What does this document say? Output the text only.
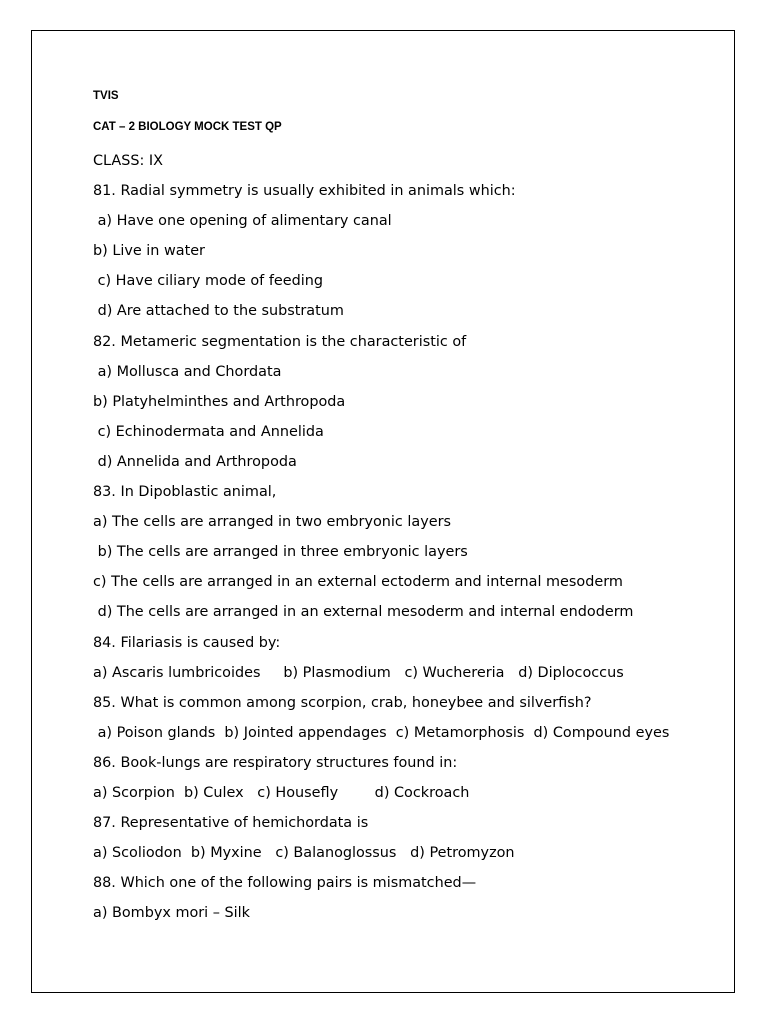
TVIS
CAT – 2 BIOLOGY MOCK TEST QP
CLASS: IX
81. Radial symmetry is usually exhibited in animals which:
a) Have one opening of alimentary canal
b) Live in water
c) Have ciliary mode of feeding
d) Are attached to the substratum
82. Metameric segmentation is the characteristic of
a) Mollusca and Chordata
b) Platyhelminthes and Arthropoda
c) Echinodermata and Annelida
d) Annelida and Arthropoda
83. In Dipoblastic animal,
a) The cells are arranged in two embryonic layers
b) The cells are arranged in three embryonic layers
c) The cells are arranged in an external ectoderm and internal mesoderm
d) The cells are arranged in an external mesoderm and internal endoderm
84. Filariasis is caused by:
a) Ascaris lumbricoides     b) Plasmodium   c) Wuchereria   d) Diplococcus
85. What is common among scorpion, crab, honeybee and silverfish?
a) Poison glands  b) Jointed appendages  c) Metamorphosis  d) Compound eyes
86. Book-lungs are respiratory structures found in:
a) Scorpion  b) Culex   c) Housefly        d) Cockroach
87. Representative of hemichordata is
a) Scoliodon  b) Myxine   c) Balanoglossus   d) Petromyzon
88. Which one of the following pairs is mismatched—
a) Bombyx mori – Silk
